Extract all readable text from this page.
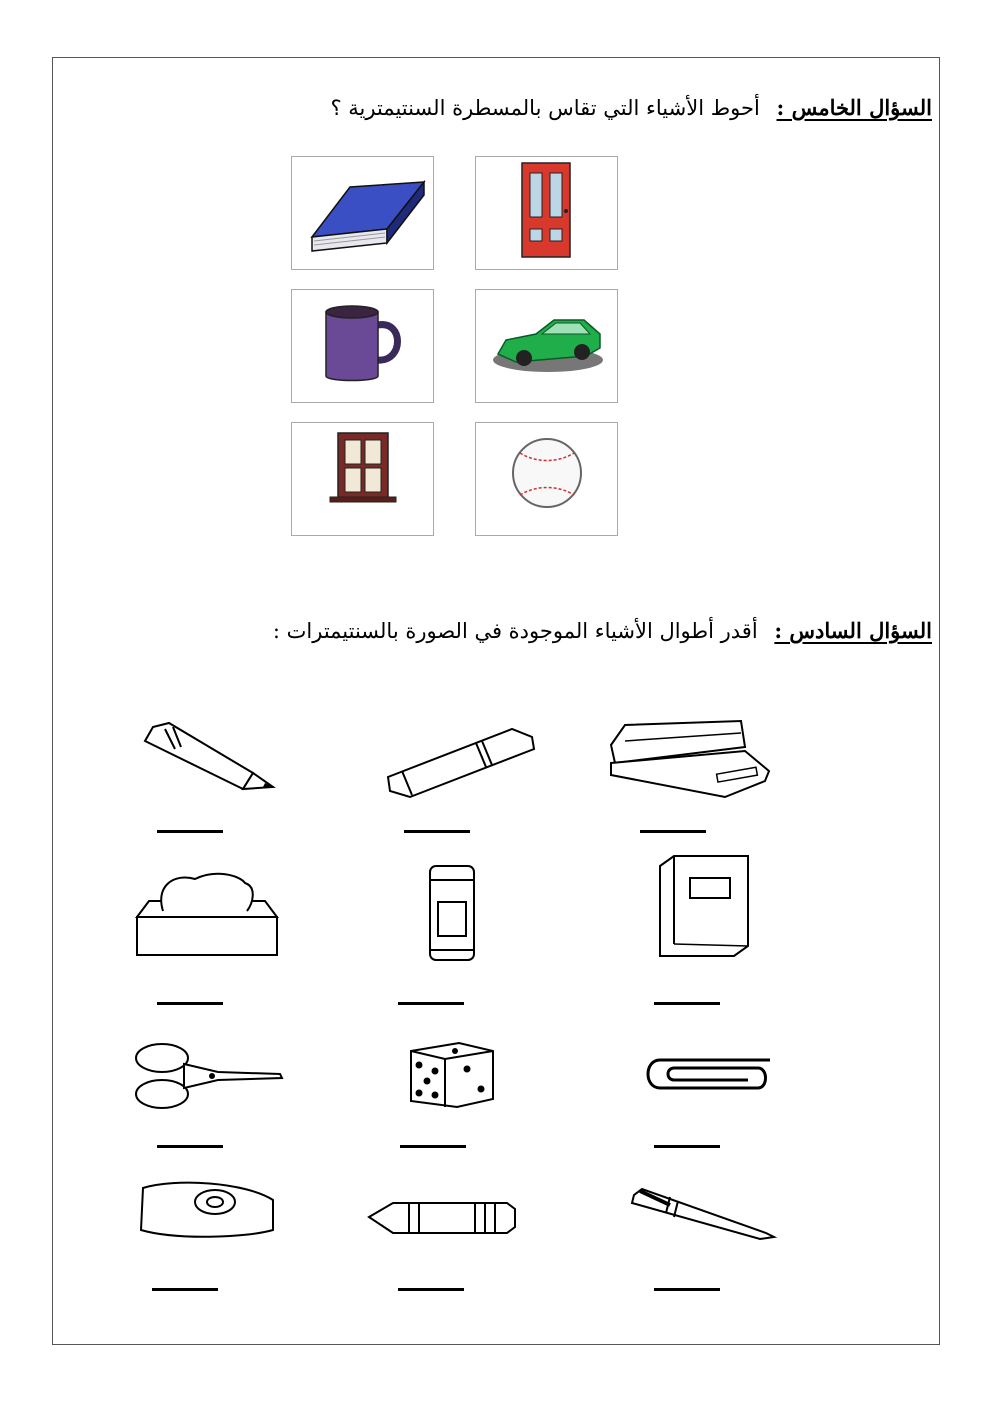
السؤال الخامس : أحوط الأشياء التي تقاس بالمسطرة السنتيمترية ؟
السؤال السادس : أقدر أطوال الأشياء الموجودة في الصورة بالسنتيمترات :
